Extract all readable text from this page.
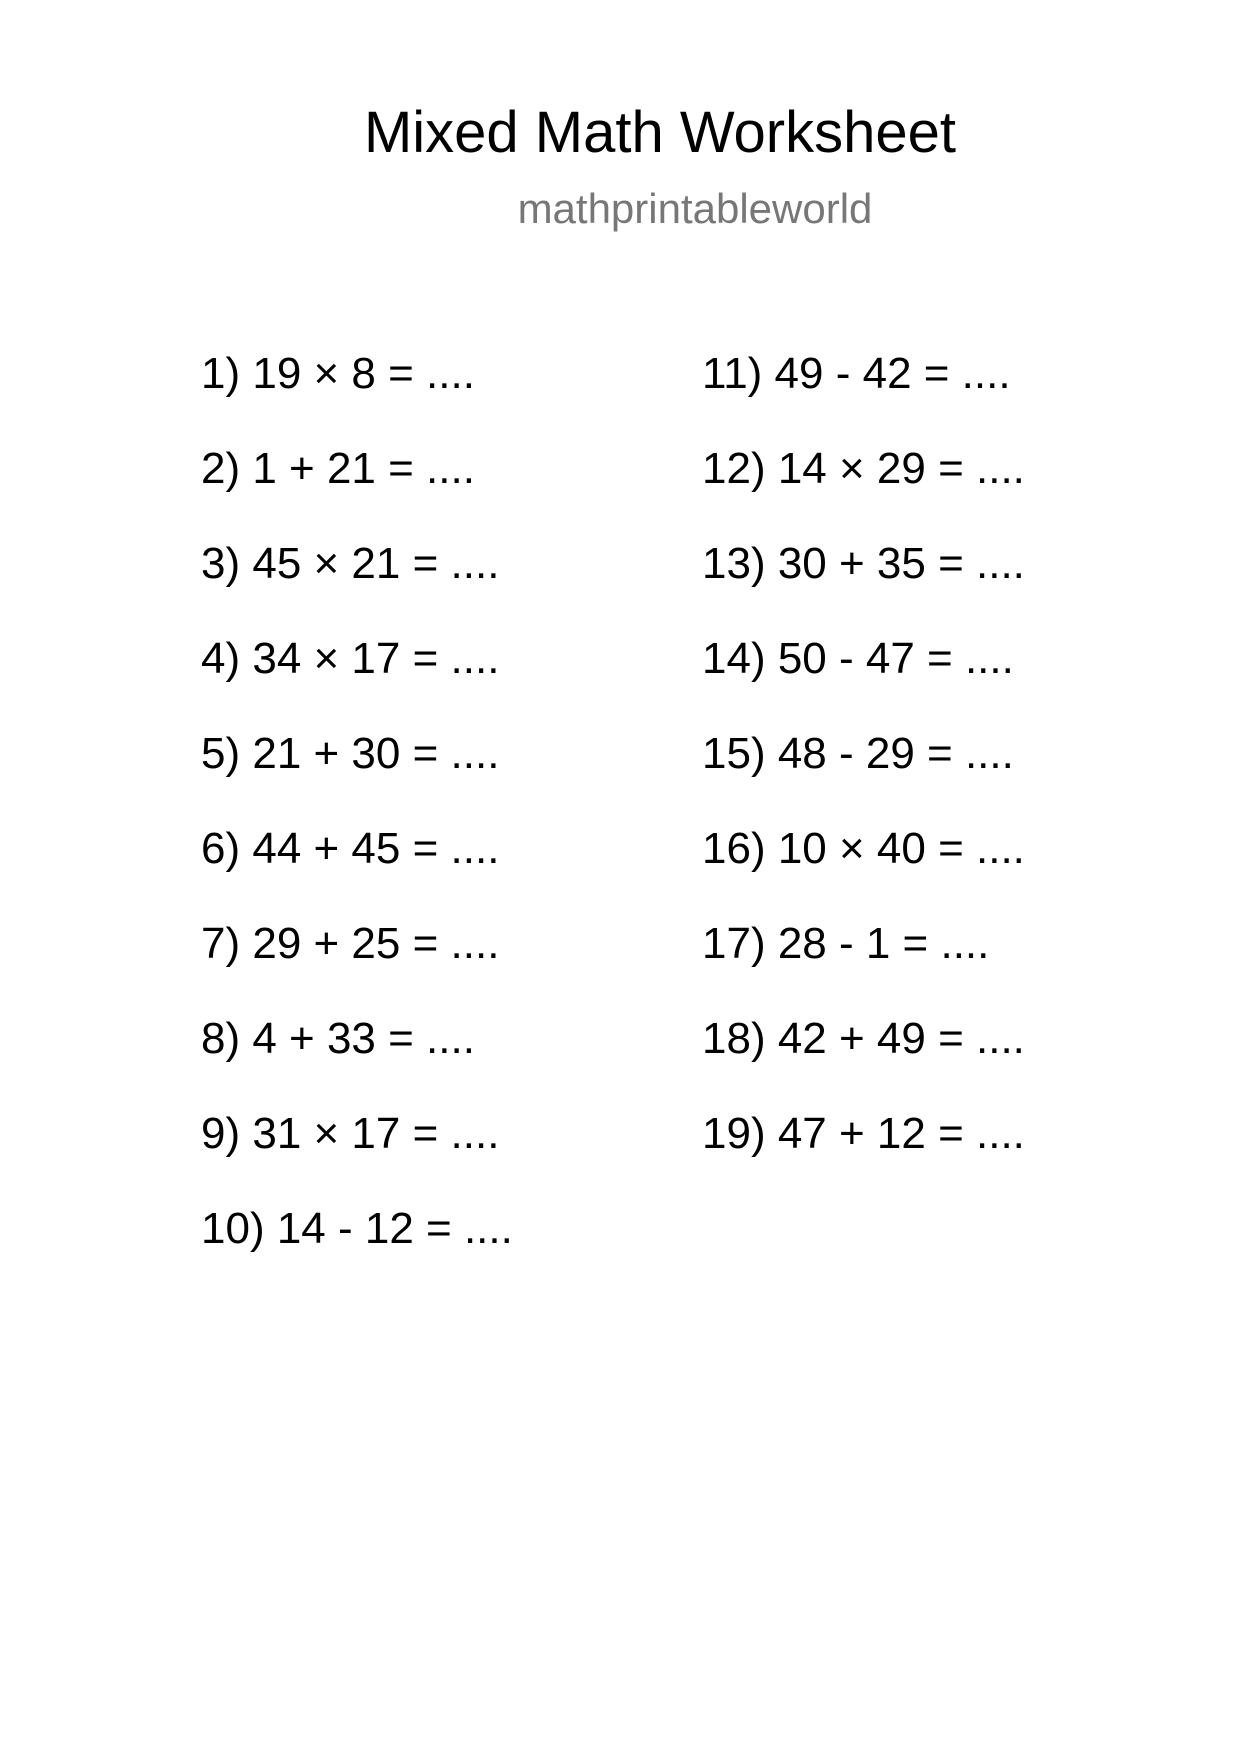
Mixed Math Worksheet
mathprintableworld
1) 19 × 8 = ....
2) 1 + 21 = ....
3) 45 × 21 = ....
4) 34 × 17 = ....
5) 21 + 30 = ....
6) 44 + 45 = ....
7) 29 + 25 = ....
8) 4 + 33 = ....
9) 31 × 17 = ....
10) 14 - 12 = ....
11) 49 - 42 = ....
12) 14 × 29 = ....
13) 30 + 35 = ....
14) 50 - 47 = ....
15) 48 - 29 = ....
16) 10 × 40 = ....
17) 28 - 1 = ....
18) 42 + 49 = ....
19) 47 + 12 = ....
